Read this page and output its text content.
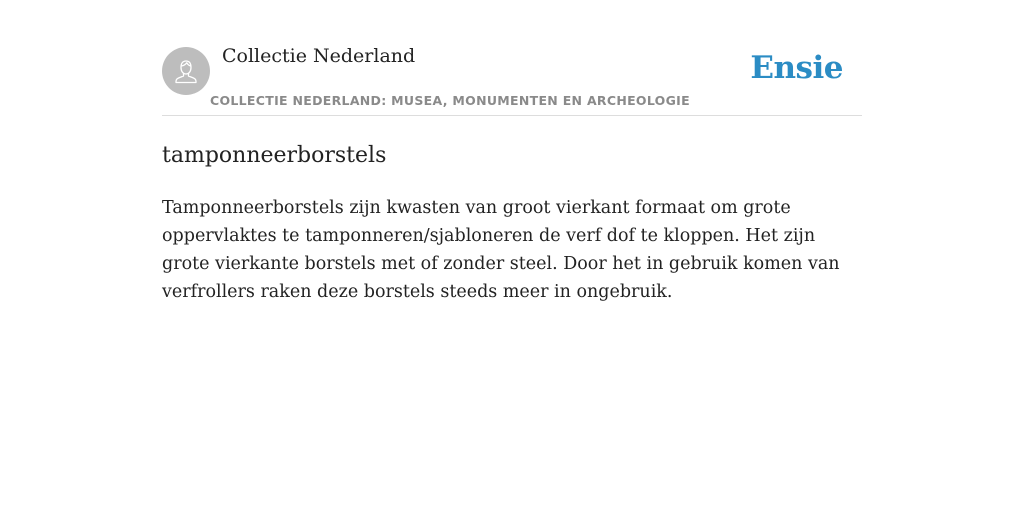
Collectie Nederland
COLLECTIE NEDERLAND: MUSEA, MONUMENTEN EN ARCHEOLOGIE
Ensie
tamponneerborstels

Tamponneerborstels zijn kwasten van groot vierkant formaat om grote oppervlaktes te tamponneren/sjabloneren de verf dof te kloppen. Het zijn grote vierkante borstels met of zonder steel. Door het in gebruik komen van verfrollers raken deze borstels steeds meer in ongebruik.
